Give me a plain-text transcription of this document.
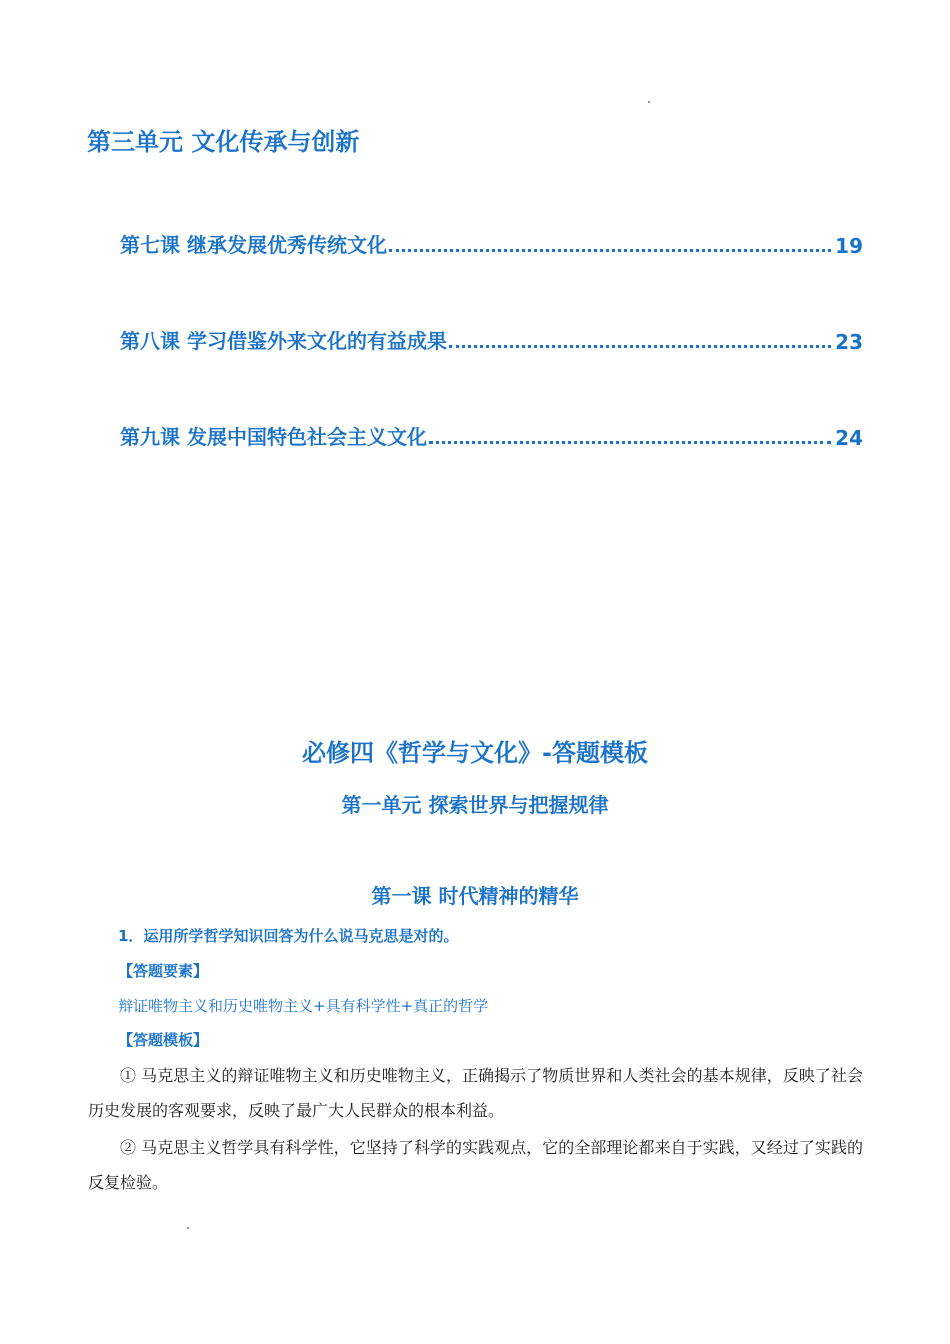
第三单元 文化传承与创新
第七课 继承发展优秀传统文化	19
第八课 学习借鉴外来文化的有益成果	23
第九课 发展中国特色社会主义文化	24
必修四《哲学与文化》-答题模板
第一单元 探索世界与把握规律
第一课 时代精神的精华
1．运用所学哲学知识回答为什么说马克思是对的。
【答题要素】
辩证唯物主义和历史唯物主义+具有科学性+真正的哲学
【答题模板】
① 马克思主义的辩证唯物主义和历史唯物主义，正确揭示了物质世界和人类社会的基本规律，反映了社会历史发展的客观要求，反映了最广大人民群众的根本利益。
② 马克思主义哲学具有科学性，它坚持了科学的实践观点，它的全部理论都来自于实践，又经过了实践的反复检验。
